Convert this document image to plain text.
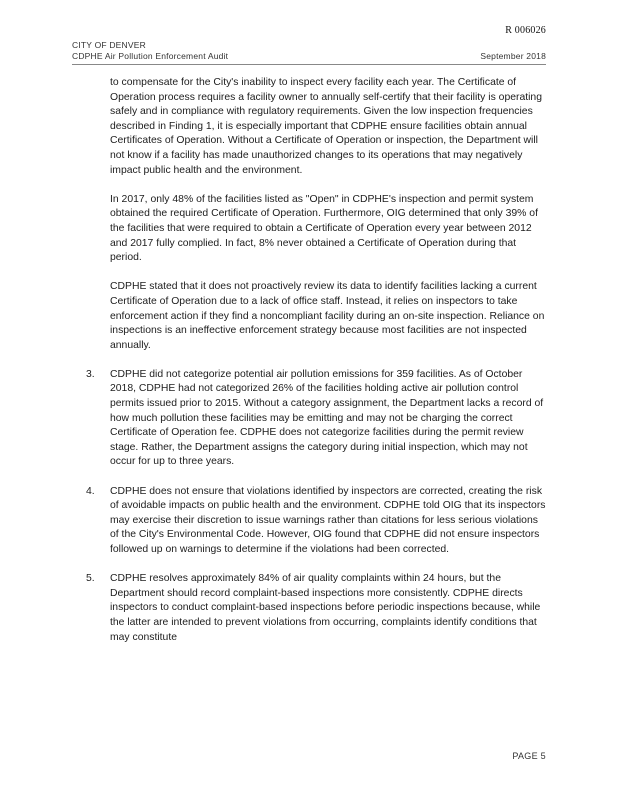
R 006026
CITY OF DENVER
CDPHE Air Pollution Enforcement Audit	September 2018

to compensate for the City's inability to inspect every facility each year. The Certificate of Operation process requires a facility owner to annually self-certify that their facility is operating safely and in compliance with regulatory requirements. Given the low inspection frequencies described in Finding 1, it is especially important that CDPHE ensure facilities obtain annual Certificates of Operation. Without a Certificate of Operation or inspection, the Department will not know if a facility has made unauthorized changes to its operations that may negatively impact public health and the environment.

In 2017, only 48% of the facilities listed as "Open" in CDPHE's inspection and permit system obtained the required Certificate of Operation. Furthermore, OIG determined that only 39% of the facilities that were required to obtain a Certificate of Operation every year between 2012 and 2017 fully complied. In fact, 8% never obtained a Certificate of Operation during that period.

CDPHE stated that it does not proactively review its data to identify facilities lacking a current Certificate of Operation due to a lack of office staff. Instead, it relies on inspectors to take enforcement action if they find a noncompliant facility during an on-site inspection. Reliance on inspections is an ineffective enforcement strategy because most facilities are not inspected annually.

3. CDPHE did not categorize potential air pollution emissions for 359 facilities. As of October 2018, CDPHE had not categorized 26% of the facilities holding active air pollution control permits issued prior to 2015. Without a category assignment, the Department lacks a record of how much pollution these facilities may be emitting and may not be charging the correct Certificate of Operation fee. CDPHE does not categorize facilities during the permit review stage. Rather, the Department assigns the category during initial inspection, which may not occur for up to three years.
4. CDPHE does not ensure that violations identified by inspectors are corrected, creating the risk of avoidable impacts on public health and the environment. CDPHE told OIG that its inspectors may exercise their discretion to issue warnings rather than citations for less serious violations of the City's Environmental Code. However, OIG found that CDPHE did not ensure inspectors followed up on warnings to determine if the violations had been corrected.
5. CDPHE resolves approximately 84% of air quality complaints within 24 hours, but the Department should record complaint-based inspections more consistently. CDPHE directs inspectors to conduct complaint-based inspections before periodic inspections because, while the latter are intended to prevent violations from occurring, complaints identify conditions that may constitute
PAGE 5
